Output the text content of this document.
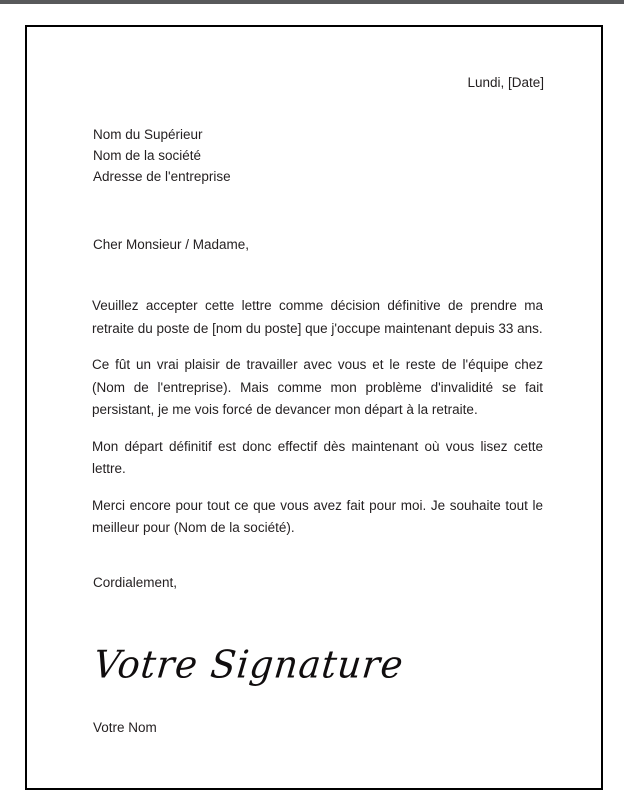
Lundi, [Date]
Nom du Supérieur
Nom de la société
Adresse de l'entreprise
Cher Monsieur / Madame,

Veuillez accepter cette lettre comme décision définitive de prendre ma retraite du poste de [nom du poste] que j'occupe maintenant depuis 33 ans.

Ce fût un vrai plaisir de travailler avec vous et le reste de l'équipe chez (Nom de l'entreprise). Mais comme mon problème d'invalidité se fait persistant, je me vois forcé de devancer mon départ à la retraite.

Mon départ définitif est donc effectif dès maintenant où vous lisez cette lettre.

Merci encore pour tout ce que vous avez fait pour moi. Je souhaite tout le meilleur pour (Nom de la société).

Cordialement,
Votre Signature
Votre Nom
